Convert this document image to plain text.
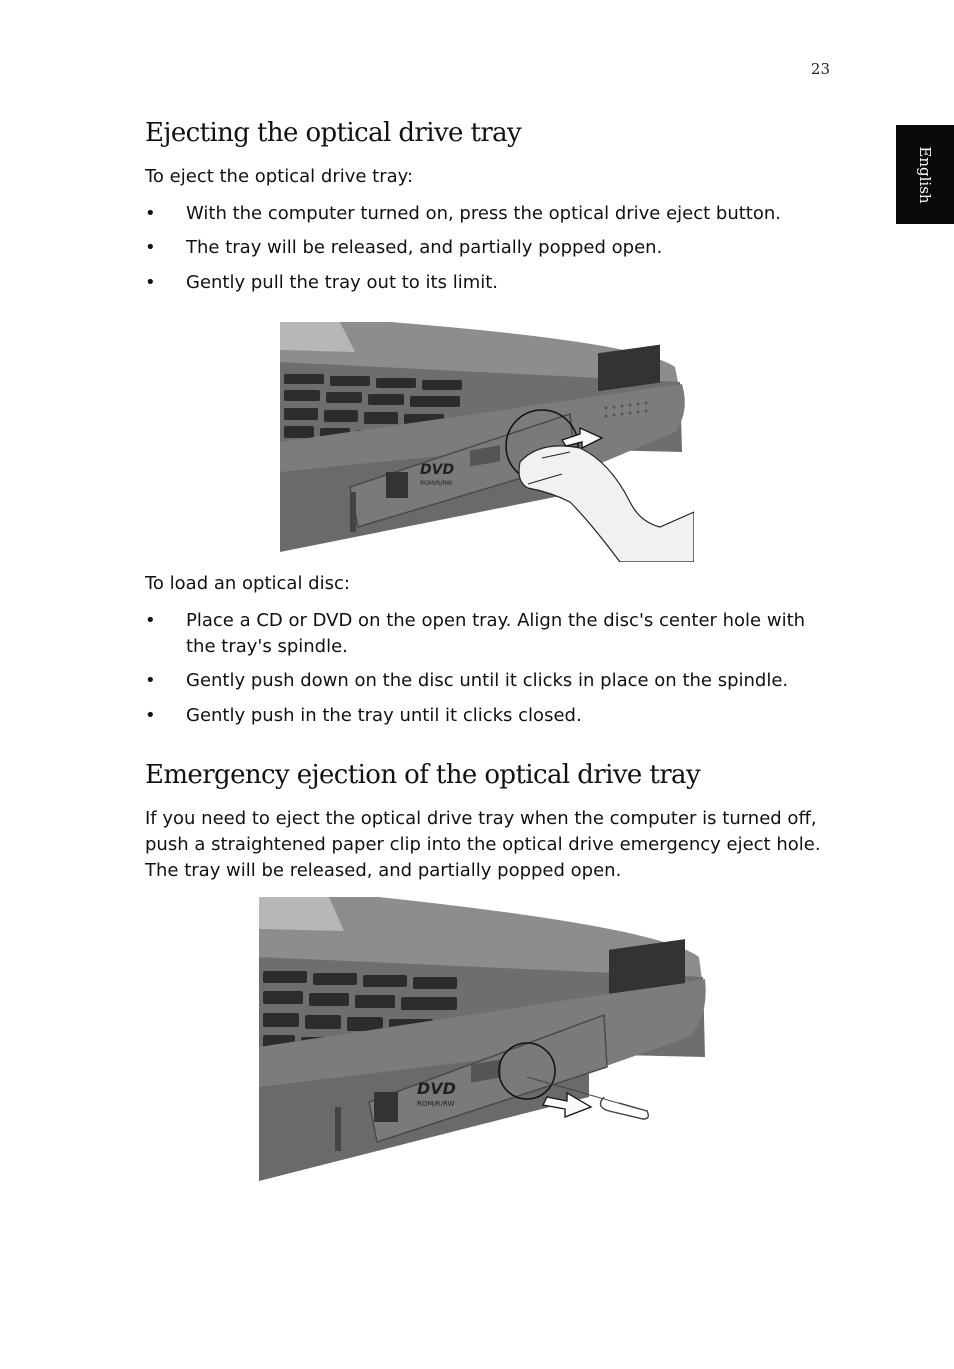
23
English
Ejecting the optical drive tray

To eject the optical drive tray:

• With the computer turned on, press the optical drive eject button.
• The tray will be released, and partially popped open.
• Gently pull the tray out to its limit.
DVD
ROM/R/RW

To load an optical disc:

• Place a CD or DVD on the open tray. Align the disc's center hole with the tray's spindle.
• Gently push down on the disc until it clicks in place on the spindle.
• Gently push in the tray until it clicks closed.
Emergency ejection of the optical drive tray

If you need to eject the optical drive tray when the computer is turned off, push a straightened paper clip into the optical drive emergency eject hole. The tray will be released, and partially popped open.

DVD
ROM/R/RW
